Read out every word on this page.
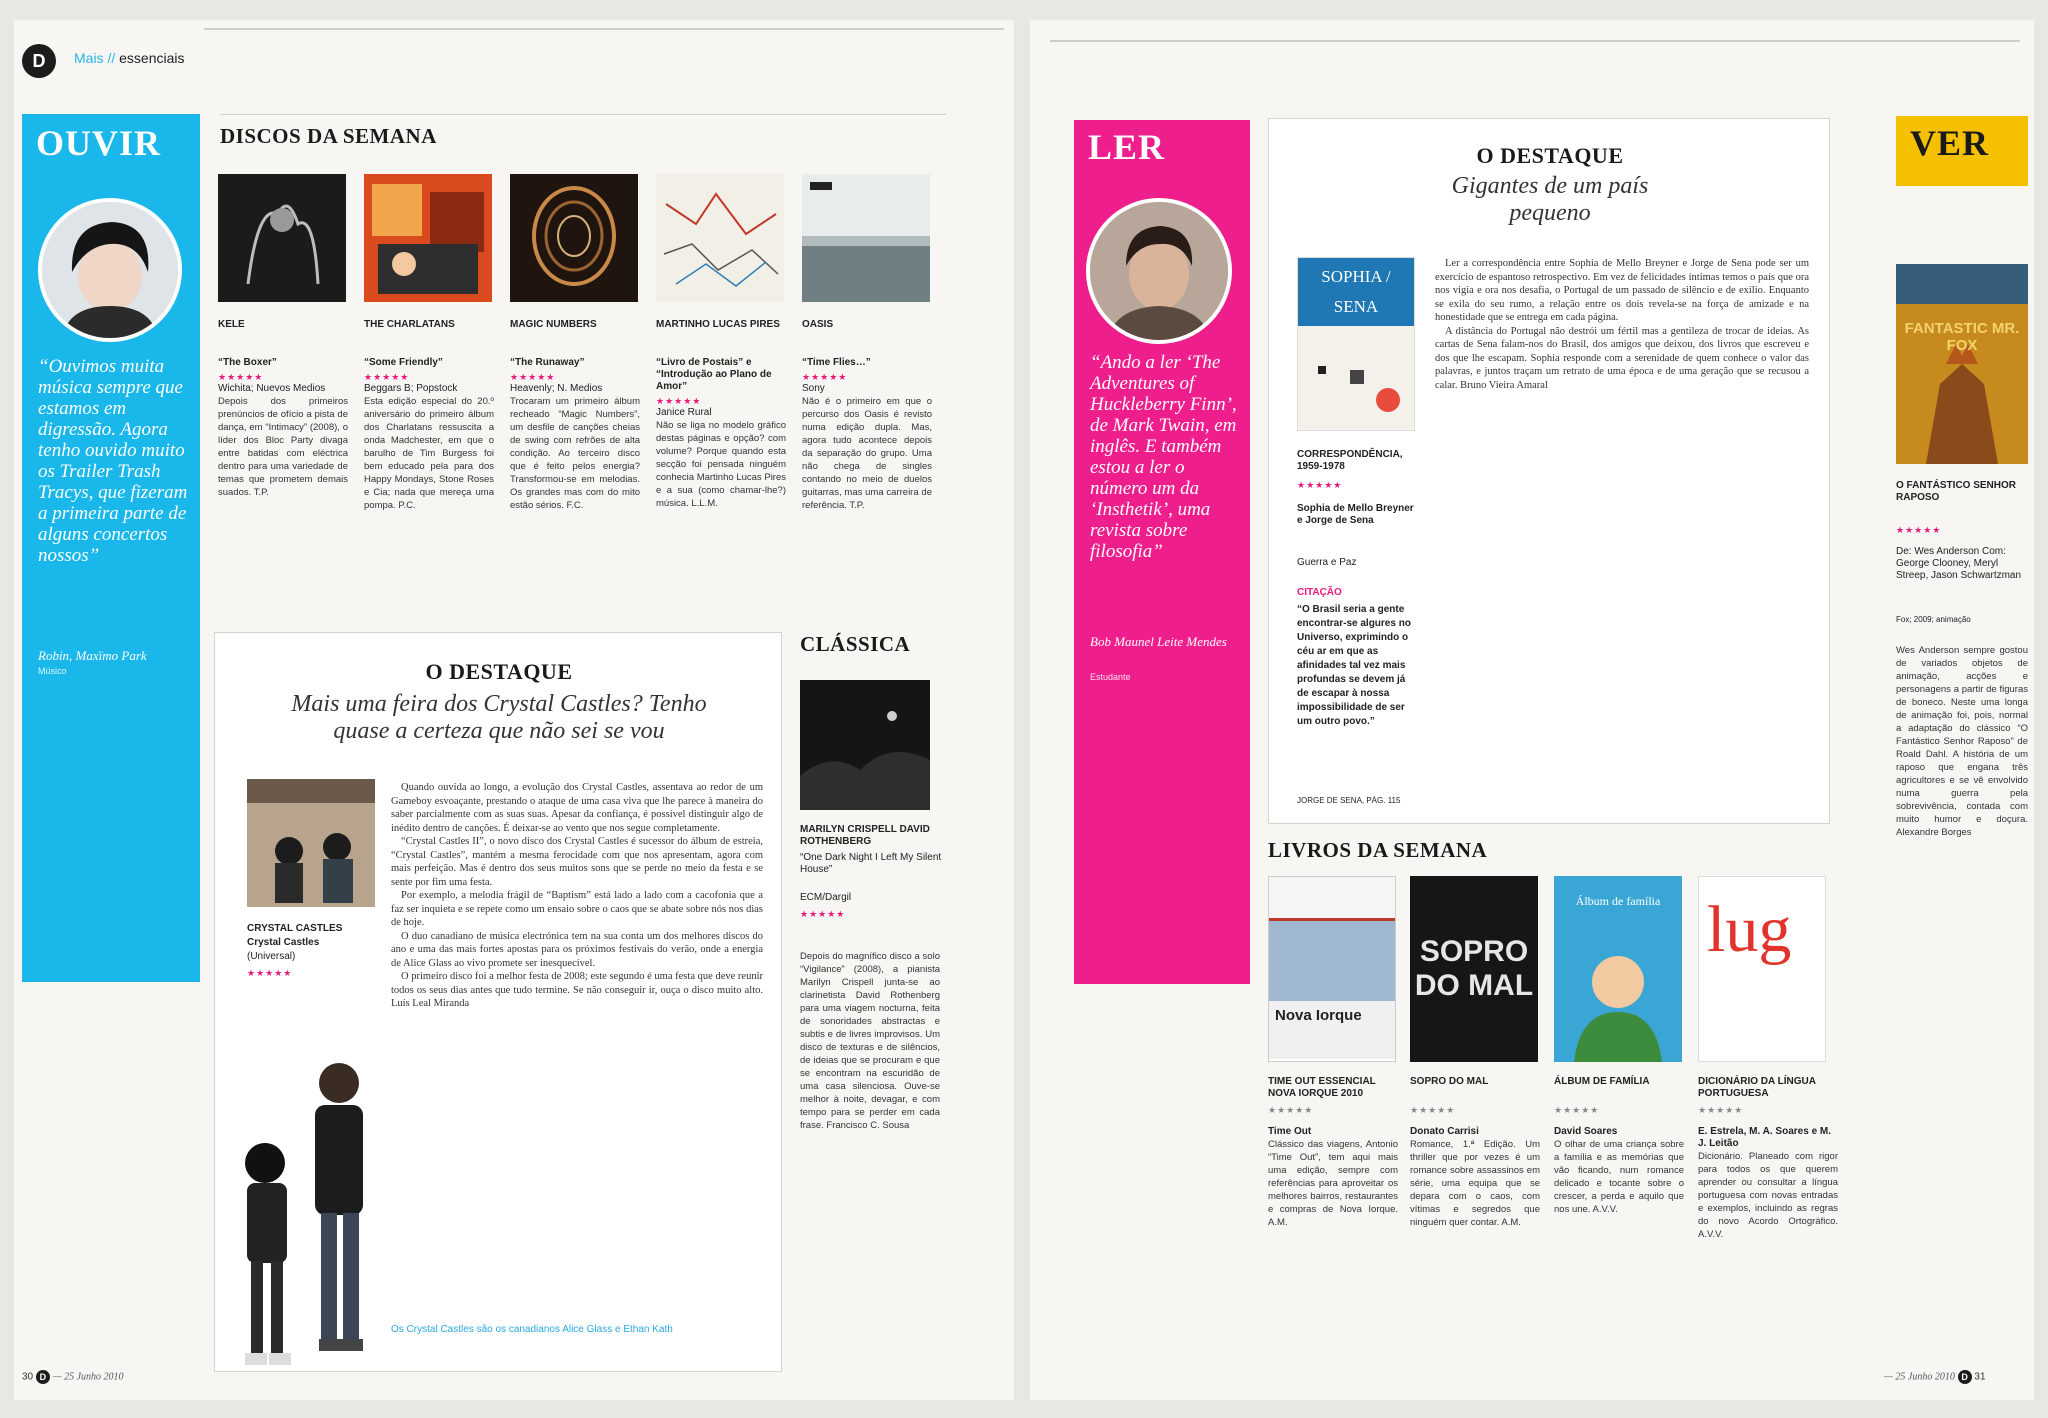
D	Mais // essenciais
OUVIR
“Ouvimos muita música sempre que estamos em digressão. Agora tenho ouvido muito os Trailer Trash Tracys, que fizeram a primeira parte de alguns concertos nossos”
Robin, Maxïmo Park
Músico
DISCOS DA SEMANA
KELE
“The Boxer”
★★★★★
Wichita; Nuevos Medios
Depois dos primeiros prenúncios de ofício a pista de dança, em “Intimacy” (2008), o líder dos Bloc Party divaga entre batidas com eléctrica dentro para uma variedade de temas que prometem demais suados. T.P.
THE CHARLATANS
“Some Friendly”
★★★★★
Beggars B; Popstock
Esta edição especial do 20.º aniversário do primeiro álbum dos Charlatans ressuscita a onda Madchester, em que o barulho de Tim Burgess foi bem educado pela para dos Happy Mondays, Stone Roses e Cia; nada que mereça uma pompa. P.C.
MAGIC NUMBERS
“The Runaway”
★★★★★
Heavenly; N. Medios
Trocaram um primeiro álbum recheado “Magic Numbers”, um desfile de canções cheias de swing com refrões de alta condição. Ao terceiro disco que é feito pelos energia? Transformou-se em melodias. Os grandes mas com do mito estão sérios. F.C.
MARTINHO LUCAS PIRES
“Livro de Postais” e “Introdução ao Plano de Amor”
★★★★★
Janice Rural
Não se liga no modelo gráfico destas páginas e opção? com volume? Porque quando esta secção foi pensada ninguém conhecia Martinho Lucas Pires e a sua (como chamar-lhe?) música. L.L.M.
OASIS
“Time Flies…”
★★★★★
Sony
Não é o primeiro em que o percurso dos Oasis é revisto numa edição dupla. Mas, agora tudo acontece depois da separação do grupo. Uma não chega de singles contando no meio de duelos guitarras, mas uma carreira de referência. T.P.
O DESTAQUE
Mais uma feira dos Crystal Castles? Tenho quase a certeza que não sei se vou
CRYSTAL CASTLES
Crystal Castles
(Universal)
★★★★★

Quando ouvida ao longo, a evolução dos Crystal Castles, assentava ao redor de um Gameboy esvoaçante, prestando o ataque de uma casa viva que lhe parece à maneira do saber parcialmente com as suas suas. Apesar da confiança, é possível distinguir algo de inédito dentro de canções. É deixar-se ao vento que nos segue completamente.

“Crystal Castles II”, o novo disco dos Crystal Castles é sucessor do álbum de estreia, “Crystal Castles”, mantém a mesma ferocidade com que nos apresentam, agora com mais perfeição. Mas é dentro dos seus muitos sons que se perde no meio da festa e se sente por fim uma festa.

Por exemplo, a melodia frágil de “Baptism” está lado a lado com a cacofonia que a faz ser inquieta e se repete como um ensaio sobre o caos que se abate sobre nós nos dias de hoje.

O duo canadiano de música electrónica tem na sua conta um dos melhores discos do ano e uma das mais fortes apostas para os próximos festivais do verão, onde a energia de Alice Glass ao vivo promete ser inesquecível.

O primeiro disco foi a melhor festa de 2008; este segundo é uma festa que deve reunir todos os seus dias antes que tudo termine. Se não conseguir ir, ouça o disco muito alto. Luís Leal Miranda

Os Crystal Castles são os canadianos Alice Glass e Ethan Kath
CLÁSSICA
MARILYN CRISPELL DAVID ROTHENBERG
“One Dark Night I Left My Silent House”
ECM/Dargil
★★★★★
Depois do magnífico disco a solo “Vigilance” (2008), a pianista Marilyn Crispell junta-se ao clarinetista David Rothenberg para uma viagem nocturna, feita de sonoridades abstractas e subtis e de livres improvisos. Um disco de texturas e de silêncios, de ideias que se procuram e que se encontram na escuridão de uma casa silenciosa. Ouve-se melhor à noite, devagar, e com tempo para se perder em cada frase. Francisco C. Sousa
30 D — 25 Junho 2010
LER
“Ando a ler ‘The Adventures of Huckleberry Finn’, de Mark Twain, em inglês. E também estou a ler o número um da ‘Insthetik’, uma revista sobre filosofia”
Bob Maunel Leite Mendes
Estudante
O DESTAQUE
Gigantes de um país pequeno
SOPHIA / SENA
CORRESPONDÊNCIA, 1959-1978
★★★★★
Sophia de Mello Breyner e Jorge de Sena
Guerra e Paz
CITAÇÃO
“O Brasil seria a gente encontrar-se algures no Universo, exprimindo o céu ar em que as afinidades tal vez mais profundas se devem já de escapar à nossa impossibilidade de ser um outro povo.”
JORGE DE SENA, PÁG. 115

Ler a correspondência entre Sophia de Mello Breyner e Jorge de Sena pode ser um exercício de espantoso retrospectivo. Em vez de felicidades íntimas temos o país que ora nos vigia e ora nos desafia, o Portugal de um passado de silêncio e de exílio. Enquanto se exila do seu rumo, a relação entre os dois revela-se na força de amizade e na honestidade que se entrega em cada página.

A distância do Portugal não destrói um fértil mas a gentileza de trocar de ideias. As cartas de Sena falam-nos do Brasil, dos amigos que deixou, dos livros que escreveu e dos que lhe escapam. Sophia responde com a serenidade de quem conhece o valor das palavras, e juntos traçam um retrato de uma época e de uma geração que se recusou a calar. Bruno Vieira Amaral

LIVROS DA SEMANA
Nova Iorque
TIME OUT ESSENCIAL NOVA IORQUE 2010
★★★★★
Time Out
Clássico das viagens, Antonio “Time Out”, tem aqui mais uma edição, sempre com referências para aproveitar os melhores bairros, restaurantes e compras de Nova Iorque. A.M.
SOPRO DO MAL
SOPRO DO MAL
★★★★★
Donato Carrisi
Romance, 1.ª Edição. Um thriller que por vezes é um romance sobre assassinos em série, uma equipa que se depara com o caos, com vítimas e segredos que ninguém quer contar. A.M.
Álbum de família
ÁLBUM DE FAMÍLIA
★★★★★
David Soares
O olhar de uma criança sobre a família e as memórias que vão ficando, num romance delicado e tocante sobre o crescer, a perda e aquilo que nos une. A.V.V.
lug
DICIONÁRIO DA LÍNGUA PORTUGUESA
★★★★★
E. Estrela, M. A. Soares e M. J. Leitão
Dicionário. Planeado com rigor para todos os que querem aprender ou consultar a língua portuguesa com novas entradas e exemplos, incluindo as regras do novo Acordo Ortográfico. A.V.V.
VER
FANTASTIC MR. FOX
O FANTÁSTICO SENHOR RAPOSO
★★★★★
De: Wes Anderson Com: George Clooney, Meryl Streep, Jason Schwartzman
Fox; 2009; animação
Wes Anderson sempre gostou de variados objetos de animação, acções e personagens a partir de figuras de boneco. Neste uma longa de animação foi, pois, normal a adaptação do clássico “O Fantástico Senhor Raposo” de Roald Dahl. A história de um raposo que engana três agricultores e se vê envolvido numa guerra pela sobrevivência, contada com muito humor e doçura. Alexandre Borges
— 25 Junho 2010 D 31
